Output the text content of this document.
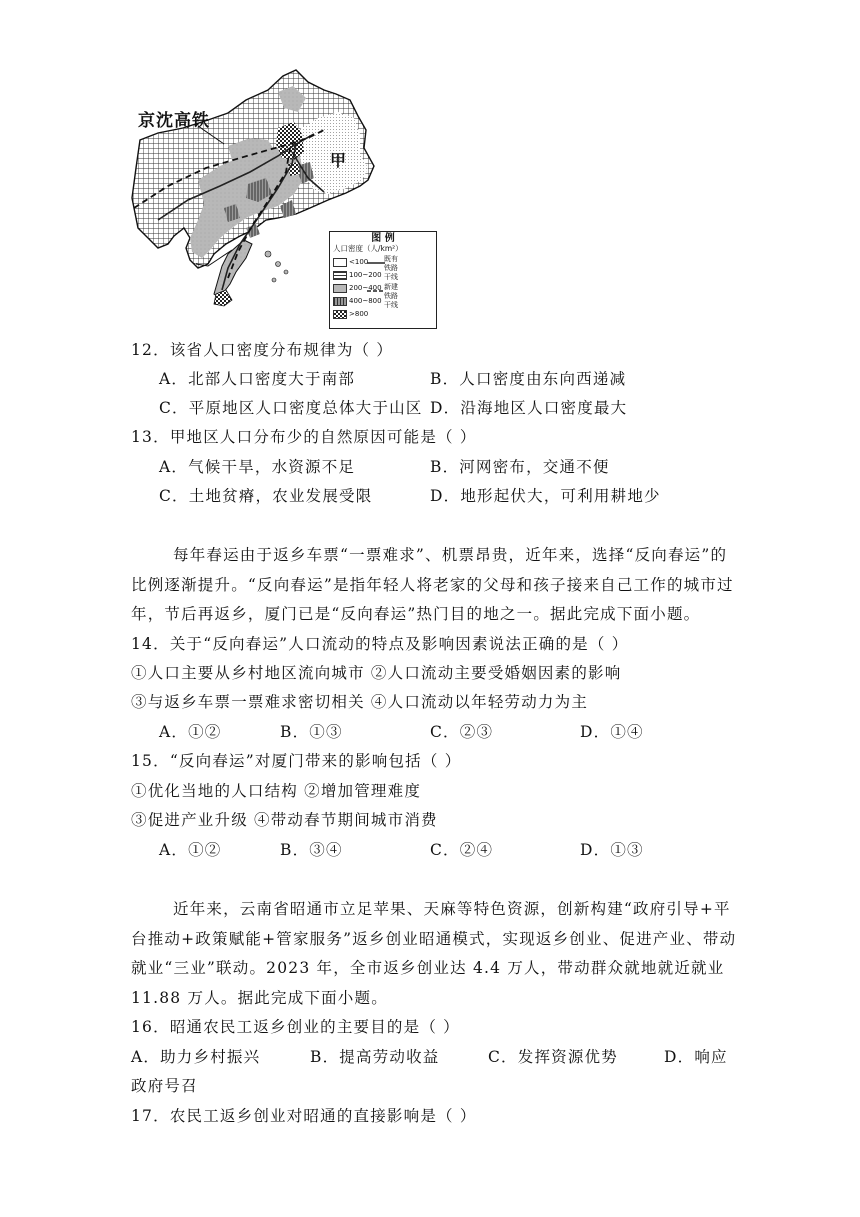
京沈高铁
甲
图 例
人口密度（人/km²）
<100
100~200
200~400
400~800
>800
既有铁路干线
新建铁路干线
12．该省人口密度分布规律为（ ）
A．北部人口密度大于南部	B．人口密度由东向西递减
C．平原地区人口密度总体大于山区 D．沿海地区人口密度最大
13．甲地区人口分布少的自然原因可能是（ ）
A．气候干旱，水资源不足	B．河网密布，交通不便
C．土地贫瘠，农业发展受限	D．地形起伏大，可利用耕地少
每年春运由于返乡车票“一票难求”、机票昂贵，近年来，选择“反向春运”的
比例逐渐提升。“反向春运”是指年轻人将老家的父母和孩子接来自己工作的城市过
年，节后再返乡，厦门已是“反向春运”热门目的地之一。据此完成下面小题。
14．关于“反向春运”人口流动的特点及影响因素说法正确的是（ ）
①人口主要从乡村地区流向城市 ②人口流动主要受婚姻因素的影响
③与返乡车票一票难求密切相关 ④人口流动以年轻劳动力为主
A．①②	B．①③	C．②③	D．①④
15．“反向春运”对厦门带来的影响包括（ ）
①优化当地的人口结构 ②增加管理难度
③促进产业升级 ④带动春节期间城市消费
A．①②	B．③④	C．②④	D．①③
近年来，云南省昭通市立足苹果、天麻等特色资源，创新构建“政府引导+平
台推动+政策赋能+管家服务”返乡创业昭通模式，实现返乡创业、促进产业、带动
就业“三业”联动。2023 年，全市返乡创业达 4.4 万人，带动群众就地就近就业
11.88 万人。据此完成下面小题。
16．昭通农民工返乡创业的主要目的是（ ）
A．助力乡村振兴	B．提高劳动收益	C．发挥资源优势	D．响应
政府号召
17．农民工返乡创业对昭通的直接影响是（ ）
